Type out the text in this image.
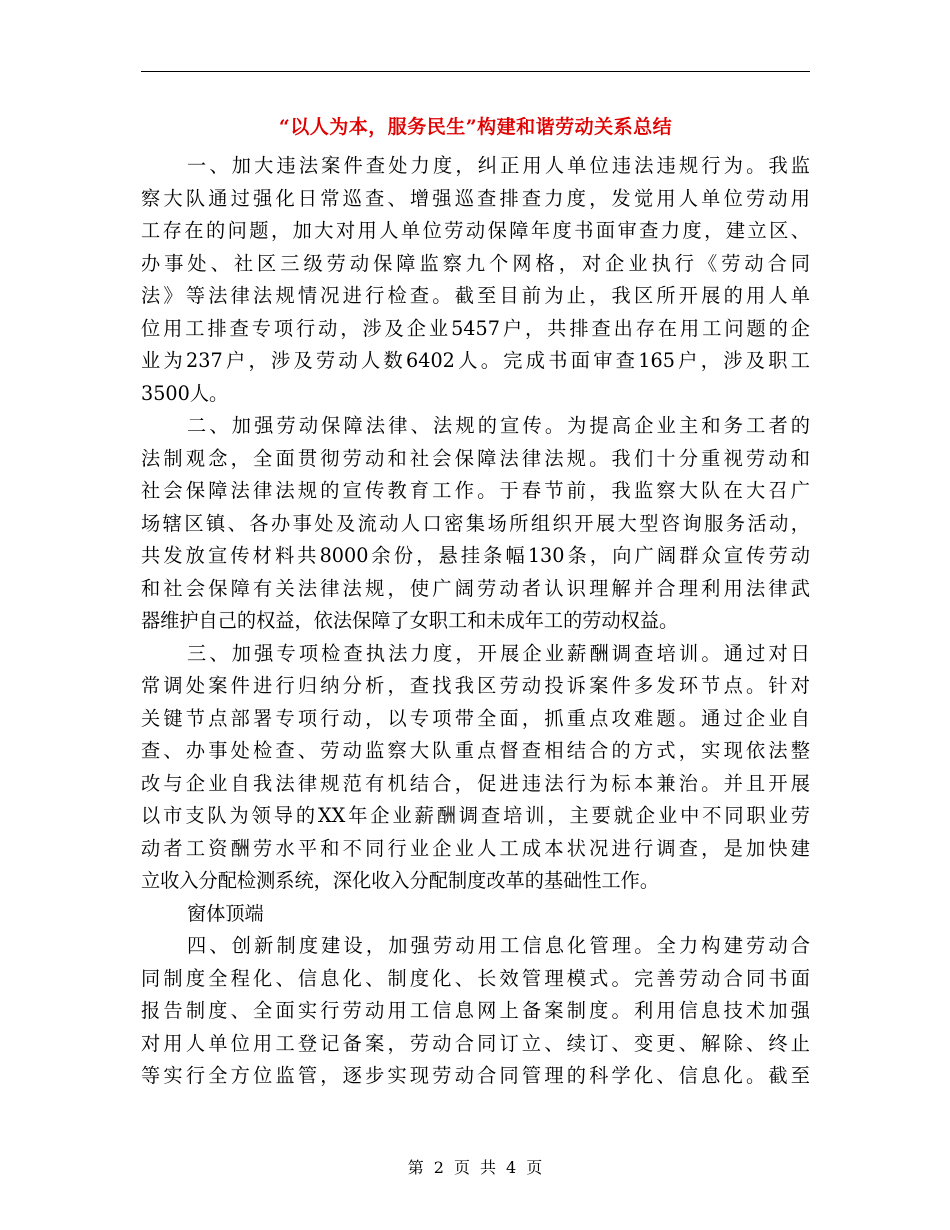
“以人为本，服务民生”构建和谐劳动关系总结
一、加大违法案件查处力度，纠正用人单位违法违规行为。我监
察大队通过强化日常巡查、增强巡查排查力度，发觉用人单位劳动用
工存在的问题，加大对用人单位劳动保障年度书面审查力度，建立区、
办事处、社区三级劳动保障监察九个网格，对企业执行《劳动合同
法》等法律法规情况进行检查。截至目前为止，我区所开展的用人单
位用工排查专项行动，涉及企业5457户，共排查出存在用工问题的企
业为237户，涉及劳动人数6402人。完成书面审查165户，涉及职工
3500人。
二、加强劳动保障法律、法规的宣传。为提高企业主和务工者的
法制观念，全面贯彻劳动和社会保障法律法规。我们十分重视劳动和
社会保障法律法规的宣传教育工作。于春节前，我监察大队在大召广
场辖区镇、各办事处及流动人口密集场所组织开展大型咨询服务活动，
共发放宣传材料共8000余份，悬挂条幅130条，向广阔群众宣传劳动
和社会保障有关法律法规，使广阔劳动者认识理解并合理利用法律武
器维护自己的权益，依法保障了女职工和未成年工的劳动权益。
三、加强专项检查执法力度，开展企业薪酬调查培训。通过对日
常调处案件进行归纳分析，查找我区劳动投诉案件多发环节点。针对
关键节点部署专项行动，以专项带全面，抓重点攻难题。通过企业自
查、办事处检查、劳动监察大队重点督查相结合的方式，实现依法整
改与企业自我法律规范有机结合，促进违法行为标本兼治。并且开展
以市支队为领导的XX年企业薪酬调查培训，主要就企业中不同职业劳
动者工资酬劳水平和不同行业企业人工成本状况进行调查，是加快建
立收入分配检测系统，深化收入分配制度改革的基础性工作。
窗体顶端
四、创新制度建设，加强劳动用工信息化管理。全力构建劳动合
同制度全程化、信息化、制度化、长效管理模式。完善劳动合同书面
报告制度、全面实行劳动用工信息网上备案制度。利用信息技术加强
对用人单位用工登记备案，劳动合同订立、续订、变更、解除、终止
等实行全方位监管，逐步实现劳动合同管理的科学化、信息化。截至
第 2 页 共 4 页
